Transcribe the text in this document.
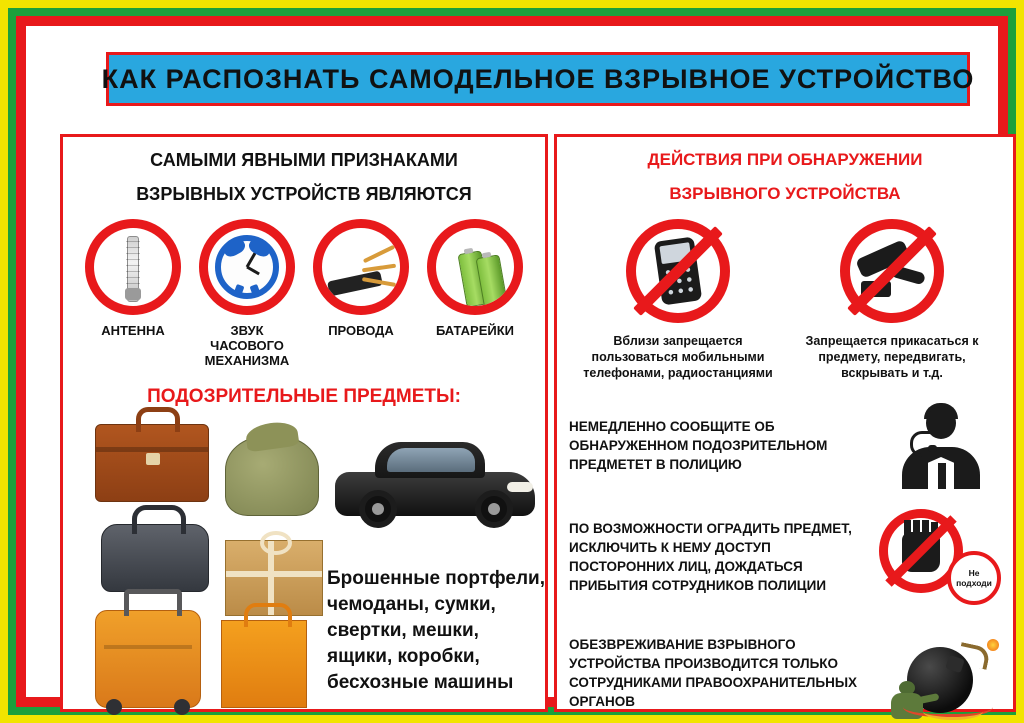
КАК РАСПОЗНАТЬ САМОДЕЛЬНОЕ ВЗРЫВНОЕ УСТРОЙСТВО
САМЫМИ ЯВНЫМИ ПРИЗНАКАМИ
ВЗРЫВНЫХ УСТРОЙСТВ ЯВЛЯЮТСЯ
АНТЕННА	ЗВУК ЧАСОВОГО МЕХАНИЗМА
ПРОВОДА	БАТАРЕЙКИ
ПОДОЗРИТЕЛЬНЫЕ ПРЕДМЕТЫ:
Брошенные портфели, чемоданы, сумки, свертки, мешки, ящики, коробки, бесхозные машины
ДЕЙСТВИЯ ПРИ ОБНАРУЖЕНИИ
ВЗРЫВНОГО УСТРОЙСТВА
Вблизи запрещается пользоваться мобильными телефонами, радиостанциями
Запрещается прикасаться к предмету, передвигать, вскрывать и т.д.
НЕМЕДЛЕННО СООБЩИТЕ ОБ ОБНАРУЖЕННОМ ПОДОЗРИТЕЛЬНОМ ПРЕДМЕТЕТ В ПОЛИЦИЮ
ПО ВОЗМОЖНОСТИ ОГРАДИТЬ ПРЕДМЕТ, ИСКЛЮЧИТЬ К НЕМУ ДОСТУП ПОСТОРОННИХ ЛИЦ, ДОЖДАТЬСЯ ПРИБЫТИЯ СОТРУДНИКОВ ПОЛИЦИИ
Не подходи
ОБЕЗВРЕЖИВАНИЕ ВЗРЫВНОГО УСТРОЙСТВА ПРОИЗВОДИТСЯ ТОЛЬКО СОТРУДНИКАМИ ПРАВООХРАНИТЕЛЬНЫХ ОРГАНОВ
